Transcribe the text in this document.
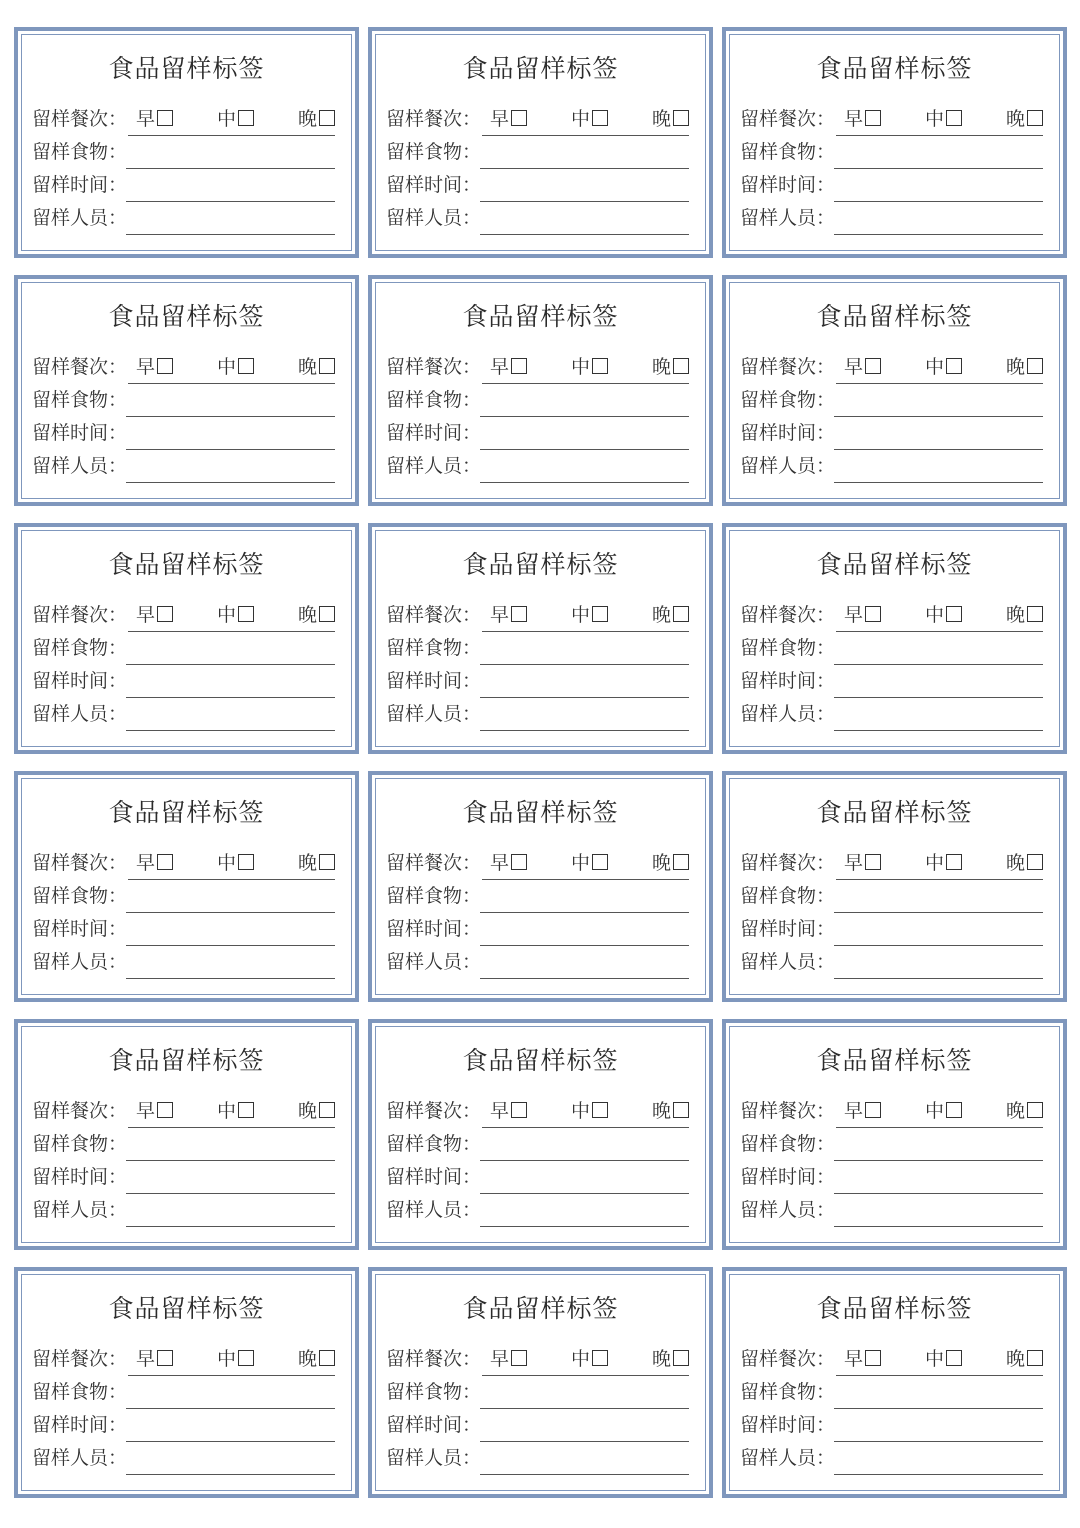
食品留样标签
留样餐次： 早	中	晚
留样食物：
留样时间：
留样人员：
食品留样标签
留样餐次： 早	中	晚
留样食物：
留样时间：
留样人员：
食品留样标签
留样餐次： 早	中	晚
留样食物：
留样时间：
留样人员：
食品留样标签
留样餐次： 早	中	晚
留样食物：
留样时间：
留样人员：
食品留样标签
留样餐次： 早	中	晚
留样食物：
留样时间：
留样人员：
食品留样标签
留样餐次： 早	中	晚
留样食物：
留样时间：
留样人员：
食品留样标签
留样餐次： 早	中	晚
留样食物：
留样时间：
留样人员：
食品留样标签
留样餐次： 早	中	晚
留样食物：
留样时间：
留样人员：
食品留样标签
留样餐次： 早	中	晚
留样食物：
留样时间：
留样人员：
食品留样标签
留样餐次： 早	中	晚
留样食物：
留样时间：
留样人员：
食品留样标签
留样餐次： 早	中	晚
留样食物：
留样时间：
留样人员：
食品留样标签
留样餐次： 早	中	晚
留样食物：
留样时间：
留样人员：
食品留样标签
留样餐次： 早	中	晚
留样食物：
留样时间：
留样人员：
食品留样标签
留样餐次： 早	中	晚
留样食物：
留样时间：
留样人员：
食品留样标签
留样餐次： 早	中	晚
留样食物：
留样时间：
留样人员：
食品留样标签
留样餐次： 早	中	晚
留样食物：
留样时间：
留样人员：
食品留样标签
留样餐次： 早	中	晚
留样食物：
留样时间：
留样人员：
食品留样标签
留样餐次： 早	中	晚
留样食物：
留样时间：
留样人员：
